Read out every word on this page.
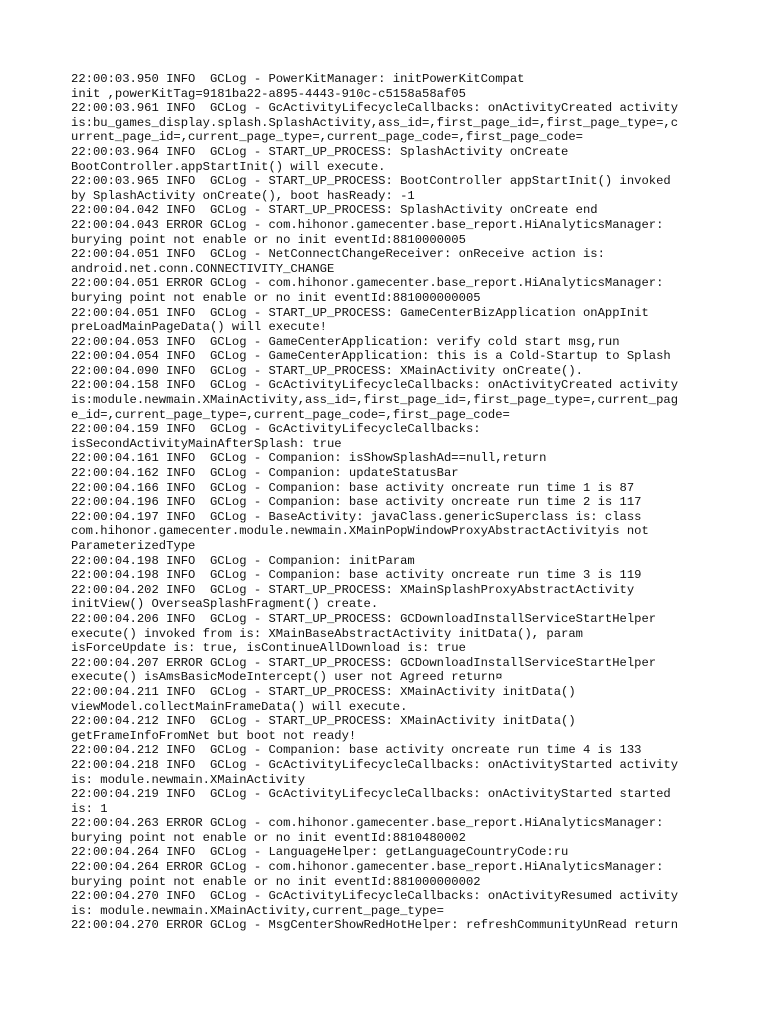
22:00:03.950 INFO  GCLog - PowerKitManager: initPowerKitCompat
init ,powerKitTag=9181ba22-a895-4443-910c-c5158a58af05
22:00:03.961 INFO  GCLog - GcActivityLifecycleCallbacks: onActivityCreated activity
is:bu_games_display.splash.SplashActivity,ass_id=,first_page_id=,first_page_type=,c
urrent_page_id=,current_page_type=,current_page_code=,first_page_code=
22:00:03.964 INFO  GCLog - START_UP_PROCESS: SplashActivity onCreate
BootController.appStartInit() will execute.
22:00:03.965 INFO  GCLog - START_UP_PROCESS: BootController appStartInit() invoked
by SplashActivity onCreate(), boot hasReady: -1
22:00:04.042 INFO  GCLog - START_UP_PROCESS: SplashActivity onCreate end
22:00:04.043 ERROR GCLog - com.hihonor.gamecenter.base_report.HiAnalyticsManager:
burying point not enable or no init eventId:8810000005
22:00:04.051 INFO  GCLog - NetConnectChangeReceiver: onReceive action is:
android.net.conn.CONNECTIVITY_CHANGE
22:00:04.051 ERROR GCLog - com.hihonor.gamecenter.base_report.HiAnalyticsManager:
burying point not enable or no init eventId:881000000005
22:00:04.051 INFO  GCLog - START_UP_PROCESS: GameCenterBizApplication onAppInit
preLoadMainPageData() will execute!
22:00:04.053 INFO  GCLog - GameCenterApplication: verify cold start msg,run
22:00:04.054 INFO  GCLog - GameCenterApplication: this is a Cold-Startup to Splash
22:00:04.090 INFO  GCLog - START_UP_PROCESS: XMainActivity onCreate().
22:00:04.158 INFO  GCLog - GcActivityLifecycleCallbacks: onActivityCreated activity
is:module.newmain.XMainActivity,ass_id=,first_page_id=,first_page_type=,current_pag
e_id=,current_page_type=,current_page_code=,first_page_code=
22:00:04.159 INFO  GCLog - GcActivityLifecycleCallbacks:
isSecondActivityMainAfterSplash: true
22:00:04.161 INFO  GCLog - Companion: isShowSplashAd==null,return
22:00:04.162 INFO  GCLog - Companion: updateStatusBar
22:00:04.166 INFO  GCLog - Companion: base activity oncreate run time 1 is 87
22:00:04.196 INFO  GCLog - Companion: base activity oncreate run time 2 is 117
22:00:04.197 INFO  GCLog - BaseActivity: javaClass.genericSuperclass is: class
com.hihonor.gamecenter.module.newmain.XMainPopWindowProxyAbstractActivityis not
ParameterizedType
22:00:04.198 INFO  GCLog - Companion: initParam
22:00:04.198 INFO  GCLog - Companion: base activity oncreate run time 3 is 119
22:00:04.202 INFO  GCLog - START_UP_PROCESS: XMainSplashProxyAbstractActivity
initView() OverseaSplashFragment() create.
22:00:04.206 INFO  GCLog - START_UP_PROCESS: GCDownloadInstallServiceStartHelper
execute() invoked from is: XMainBaseAbstractActivity initData(), param
isForceUpdate is: true, isContinueAllDownload is: true
22:00:04.207 ERROR GCLog - START_UP_PROCESS: GCDownloadInstallServiceStartHelper
execute() isAmsBasicModeIntercept() user not Agreed return¤
22:00:04.211 INFO  GCLog - START_UP_PROCESS: XMainActivity initData()
viewModel.collectMainFrameData() will execute.
22:00:04.212 INFO  GCLog - START_UP_PROCESS: XMainActivity initData()
getFrameInfoFromNet but boot not ready!
22:00:04.212 INFO  GCLog - Companion: base activity oncreate run time 4 is 133
22:00:04.218 INFO  GCLog - GcActivityLifecycleCallbacks: onActivityStarted activity
is: module.newmain.XMainActivity
22:00:04.219 INFO  GCLog - GcActivityLifecycleCallbacks: onActivityStarted started
is: 1
22:00:04.263 ERROR GCLog - com.hihonor.gamecenter.base_report.HiAnalyticsManager:
burying point not enable or no init eventId:8810480002
22:00:04.264 INFO  GCLog - LanguageHelper: getLanguageCountryCode:ru
22:00:04.264 ERROR GCLog - com.hihonor.gamecenter.base_report.HiAnalyticsManager:
burying point not enable or no init eventId:881000000002
22:00:04.270 INFO  GCLog - GcActivityLifecycleCallbacks: onActivityResumed activity
is: module.newmain.XMainActivity,current_page_type=
22:00:04.270 ERROR GCLog - MsgCenterShowRedHotHelper: refreshCommunityUnRead return
